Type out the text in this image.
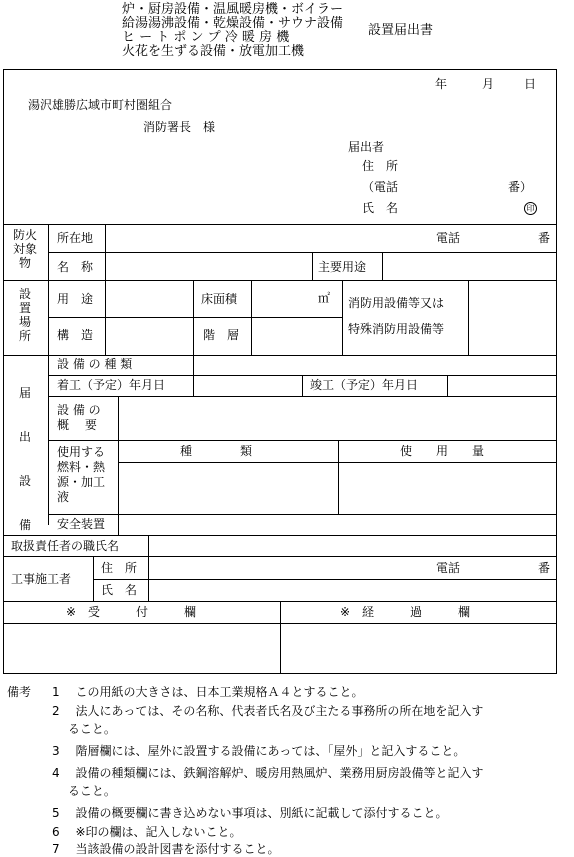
炉・厨房設備・温風暖房機・ボイラー
給湯湯沸設備・乾燥設備・サウナ設備
ヒ ー ト ポ ン プ 冷 暖 房 機
火花を生ずる設備・放電加工機
設置届出書
年	月 日
湯沢雄勝広域市町村圏組合
消防署長　様
届出者
住　所
（電話	番）
氏　名	印
防火対象物
所在地	電話	番
名　称	主要用途
設置場所
用　途	床面積	㎡ 消防用設備等又は
特殊消防用設備等
構　造	階　層
届出設備
設 備 の 種 類
着工（予定）年月日	竣工（予定）年月日
設 備 の
概　 要
使用する
燃料・熱
源・加工
液
種　　　　類	使　　用　　量
安全装置
取扱責任者の職氏名
工事施工者
住　所	電話	番
氏　名
※　受　　　付　　　欄	※　経　　　過　　　欄
備考 1　 この用紙の大きさは、日本工業規格Ａ４とすること。
2　 法人にあっては、その名称、代表者氏名及び主たる事務所の所在地を記入す
　 ること。
3　 階層欄には、屋外に設置する設備にあっては、「屋外」と記入すること。
4　 設備の種類欄には、鉄鋼溶解炉、暖房用熱風炉、業務用厨房設備等と記入す
　 ること。
5　 設備の概要欄に書き込めない事項は、別紙に記載して添付すること。
6　 ※印の欄は、記入しないこと。
7　 当該設備の設計図書を添付すること。
